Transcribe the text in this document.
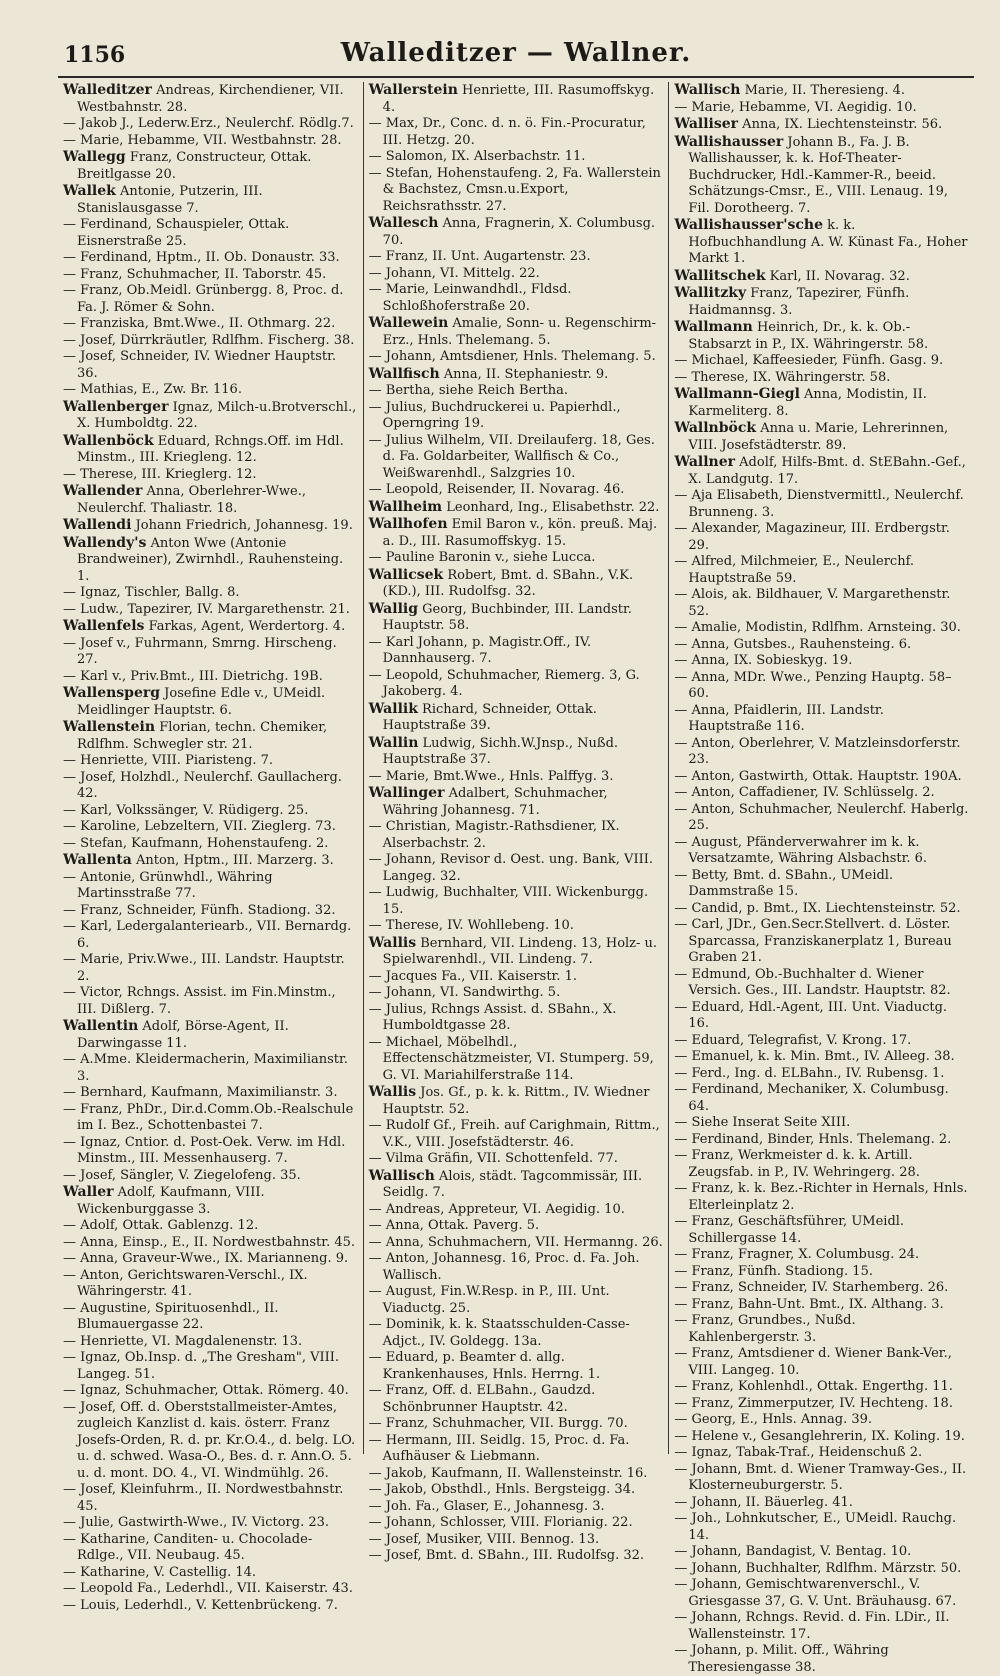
1156	Walleditzer — Wallner.
Walleditzer Andreas, Kirchendiener, VII. Westbahnstr. 28.
— Jakob J., Lederw.Erz., Neulerchf. Rödlg.7.
— Marie, Hebamme, VII. Westbahnstr. 28.
Wallegg Franz, Constructeur, Ottak. Breitlgasse 20.
Wallek Antonie, Putzerin, III. Stanislausgasse 7.
— Ferdinand, Schauspieler, Ottak. Eisnerstraße 25.
— Ferdinand, Hptm., II. Ob. Donaustr. 33.
— Franz, Schuhmacher, II. Taborstr. 45.
— Franz, Ob.Meidl. Grünbergg. 8, Proc. d. Fa. J. Römer & Sohn.
— Franziska, Bmt.Wwe., II. Othmarg. 22.
— Josef, Dürrkräutler, Rdlfhm. Fischerg. 38.
— Josef, Schneider, IV. Wiedner Hauptstr. 36.
— Mathias, E., Zw. Br. 116.
Wallenberger Ignaz, Milch-u.Brotverschl., X. Humboldtg. 22.
Wallenböck Eduard, Rchngs.Off. im Hdl. Minstm., III. Kriegleng. 12.
— Therese, III. Krieglerg. 12.
Wallender Anna, Oberlehrer-Wwe., Neulerchf. Thaliastr. 18.
Wallendi Johann Friedrich, Johannesg. 19.
Wallendy's Anton Wwe (Antonie Brandweiner), Zwirnhdl., Rauhensteing. 1.
— Ignaz, Tischler, Ballg. 8.
— Ludw., Tapezirer, IV. Margarethenstr. 21.
Wallenfels Farkas, Agent, Werdertorg. 4.
— Josef v., Fuhrmann, Smrng. Hirscheng. 27.
— Karl v., Priv.Bmt., III. Dietrichg. 19B.
Wallensperg Josefine Edle v., UMeidl. Meidlinger Hauptstr. 6.
Wallenstein Florian, techn. Chemiker, Rdlfhm. Schwegler str. 21.
— Henriette, VIII. Piaristeng. 7.
— Josef, Holzhdl., Neulerchf. Gaullacherg. 42.
— Karl, Volkssänger, V. Rüdigerg. 25.
— Karoline, Lebzeltern, VII. Zieglerg. 73.
— Stefan, Kaufmann, Hohenstaufeng. 2.
Wallenta Anton, Hptm., III. Marzerg. 3.
— Antonie, Grünwhdl., Währing Martinsstraße 77.
— Franz, Schneider, Fünfh. Stadiong. 32.
— Karl, Ledergalanteriearb., VII. Bernardg. 6.
— Marie, Priv.Wwe., III. Landstr. Hauptstr. 2.
— Victor, Rchngs. Assist. im Fin.Minstm., III. Dißlerg. 7.
Wallentin Adolf, Börse-Agent, II. Darwingasse 11.
— A.Mme. Kleidermacherin, Maximilianstr. 3.
— Bernhard, Kaufmann, Maximilianstr. 3.
— Franz, PhDr., Dir.d.Comm.Ob.-Realschule im I. Bez., Schottenbastei 7.
— Ignaz, Cntior. d. Post-Oek. Verw. im Hdl. Minstm., III. Messenhauserg. 7.
— Josef, Sängler, V. Ziegelofeng. 35.
Waller Adolf, Kaufmann, VIII. Wickenburggasse 3.
— Adolf, Ottak. Gablenzg. 12.
— Anna, Einsp., E., II. Nordwestbahnstr. 45.
— Anna, Graveur-Wwe., IX. Marianneng. 9.
— Anton, Gerichtswaren-Verschl., IX. Währingerstr. 41.
— Augustine, Spirituosenhdl., II. Blumauergasse 22.
— Henriette, VI. Magdalenenstr. 13.
— Ignaz, Ob.Insp. d. „The Gresham", VIII. Langeg. 51.
— Ignaz, Schuhmacher, Ottak. Römerg. 40.
— Josef, Off. d. Oberststallmeister-Amtes, zugleich Kanzlist d. kais. österr. Franz Josefs-Orden, R. d. pr. Kr.O.4., d. belg. LO. u. d. schwed. Wasa-O., Bes. d. r. Ann.O. 5. u. d. mont. DO. 4., VI. Windmühlg. 26.
— Josef, Kleinfuhrm., II. Nordwestbahnstr. 45.
— Julie, Gastwirth-Wwe., IV. Victorg. 23.
— Katharine, Canditen- u. Chocolade-Rdlge., VII. Neubaug. 45.
— Katharine, V. Castellig. 14.
— Leopold Fa., Lederhdl., VII. Kaiserstr. 43.
— Louis, Lederhdl., V. Kettenbrückeng. 7.
Wallerstein Henriette, III. Rasumoffskyg. 4.
— Max, Dr., Conc. d. n. ö. Fin.-Procuratur, III. Hetzg. 20.
— Salomon, IX. Alserbachstr. 11.
— Stefan, Hohenstaufeng. 2, Fa. Wallerstein & Bachstez, Cmsn.u.Export, Reichsrathsstr. 27.
Wallesch Anna, Fragnerin, X. Columbusg. 70.
— Franz, II. Unt. Augartenstr. 23.
— Johann, VI. Mittelg. 22.
— Marie, Leinwandhdl., Fldsd. Schloßhoferstraße 20.
Wallewein Amalie, Sonn- u. Regenschirm-Erz., Hnls. Thelemang. 5.
— Johann, Amtsdiener, Hnls. Thelemang. 5.
Wallfisch Anna, II. Stephaniestr. 9.
— Bertha, siehe Reich Bertha.
— Julius, Buchdruckerei u. Papierhdl., Operngring 19.
— Julius Wilhelm, VII. Dreilauferg. 18, Ges. d. Fa. Goldarbeiter, Wallfisch & Co., Weißwarenhdl., Salzgries 10.
— Leopold, Reisender, II. Novarag. 46.
Wallheim Leonhard, Ing., Elisabethstr. 22.
Wallhofen Emil Baron v., kön. preuß. Maj. a. D., III. Rasumoffskyg. 15.
— Pauline Baronin v., siehe Lucca.
Wallicsek Robert, Bmt. d. SBahn., V.K. (KD.), III. Rudolfsg. 32.
Wallig Georg, Buchbinder, III. Landstr. Hauptstr. 58.
— Karl Johann, p. Magistr.Off., IV. Dannhauserg. 7.
— Leopold, Schuhmacher, Riemerg. 3, G. Jakoberg. 4.
Wallik Richard, Schneider, Ottak. Hauptstraße 39.
Wallin Ludwig, Sichh.W.Jnsp., Nußd. Hauptstraße 37.
— Marie, Bmt.Wwe., Hnls. Palffyg. 3.
Wallinger Adalbert, Schuhmacher, Währing Johannesg. 71.
— Christian, Magistr.-Rathsdiener, IX. Alserbachstr. 2.
— Johann, Revisor d. Oest. ung. Bank, VIII. Langeg. 32.
— Ludwig, Buchhalter, VIII. Wickenburgg. 15.
— Therese, IV. Wohllebeng. 10.
Wallis Bernhard, VII. Lindeng. 13, Holz- u. Spielwarenhdl., VII. Lindeng. 7.
— Jacques Fa., VII. Kaiserstr. 1.
— Johann, VI. Sandwirthg. 5.
— Julius, Rchngs Assist. d. SBahn., X. Humboldtgasse 28.
— Michael, Möbelhdl., Effectenschätzmeister, VI. Stumperg. 59, G. VI. Mariahilferstraße 114.
Wallis Jos. Gf., p. k. k. Rittm., IV. Wiedner Hauptstr. 52.
— Rudolf Gf., Freih. auf Carighmain, Rittm., V.K., VIII. Josefstädterstr. 46.
— Vilma Gräfin, VII. Schottenfeld. 77.
Wallisch Alois, städt. Tagcommissär, III. Seidlg. 7.
— Andreas, Appreteur, VI. Aegidig. 10.
— Anna, Ottak. Paverg. 5.
— Anna, Schuhmachern, VII. Hermanng. 26.
— Anton, Johannesg. 16, Proc. d. Fa. Joh. Wallisch.
— August, Fin.W.Resp. in P., III. Unt. Viaductg. 25.
— Dominik, k. k. Staatsschulden-Casse-Adjct., IV. Goldegg. 13a.
— Eduard, p. Beamter d. allg. Krankenhauses, Hnls. Herrng. 1.
— Franz, Off. d. ELBahn., Gaudzd. Schönbrunner Hauptstr. 42.
— Franz, Schuhmacher, VII. Burgg. 70.
— Hermann, III. Seidlg. 15, Proc. d. Fa. Aufhäuser & Liebmann.
— Jakob, Kaufmann, II. Wallensteinstr. 16.
— Jakob, Obsthdl., Hnls. Bergsteigg. 34.
— Joh. Fa., Glaser, E., Johannesg. 3.
— Johann, Schlosser, VIII. Florianig. 22.
— Josef, Musiker, VIII. Bennog. 13.
— Josef, Bmt. d. SBahn., III. Rudolfsg. 32.
Wallisch Marie, II. Theresieng. 4.
— Marie, Hebamme, VI. Aegidig. 10.
Walliser Anna, IX. Liechtensteinstr. 56.
Wallishausser Johann B., Fa. J. B. Wallishausser, k. k. Hof-Theater-Buchdrucker, Hdl.-Kammer-R., beeid. Schätzungs-Cmsr., E., VIII. Lenaug. 19, Fil. Dorotheerg. 7.
Wallishausser'sche k. k. Hofbuchhandlung A. W. Künast Fa., Hoher Markt 1.
Wallitschek Karl, II. Novarag. 32.
Wallitzky Franz, Tapezirer, Fünfh. Haidmannsg. 3.
Wallmann Heinrich, Dr., k. k. Ob.-Stabsarzt in P., IX. Währingerstr. 58.
— Michael, Kaffeesieder, Fünfh. Gasg. 9.
— Therese, IX. Währingerstr. 58.
Wallmann-Giegl Anna, Modistin, II. Karmeliterg. 8.
Wallnböck Anna u. Marie, Lehrerinnen, VIII. Josefstädterstr. 89.
Wallner Adolf, Hilfs-Bmt. d. StEBahn.-Gef., X. Landgutg. 17.
— Aja Elisabeth, Dienstvermittl., Neulerchf. Brunneng. 3.
— Alexander, Magazineur, III. Erdbergstr. 29.
— Alfred, Milchmeier, E., Neulerchf. Hauptstraße 59.
— Alois, ak. Bildhauer, V. Margarethenstr. 52.
— Amalie, Modistin, Rdlfhm. Arnsteing. 30.
— Anna, Gutsbes., Rauhensteing. 6.
— Anna, IX. Sobieskyg. 19.
— Anna, MDr. Wwe., Penzing Hauptg. 58–60.
— Anna, Pfaidlerin, III. Landstr. Hauptstraße 116.
— Anton, Oberlehrer, V. Matzleinsdorferstr. 23.
— Anton, Gastwirth, Ottak. Hauptstr. 190A.
— Anton, Caffadiener, IV. Schlüsselg. 2.
— Anton, Schuhmacher, Neulerchf. Haberlg. 25.
— August, Pfänderverwahrer im k. k. Versatzamte, Währing Alsbachstr. 6.
— Betty, Bmt. d. SBahn., UMeidl. Dammstraße 15.
— Candid, p. Bmt., IX. Liechtensteinstr. 52.
— Carl, JDr., Gen.Secr.Stellvert. d. Löster. Sparcassa, Franziskanerplatz 1, Bureau Graben 21.
— Edmund, Ob.-Buchhalter d. Wiener Versich. Ges., III. Landstr. Hauptstr. 82.
— Eduard, Hdl.-Agent, III. Unt. Viaductg. 16.
— Eduard, Telegrafist, V. Krong. 17.
— Emanuel, k. k. Min. Bmt., IV. Alleeg. 38.
— Ferd., Ing. d. ELBahn., IV. Rubensg. 1.
— Ferdinand, Mechaniker, X. Columbusg. 64.
— Siehe Inserat Seite XIII.
— Ferdinand, Binder, Hnls. Thelemang. 2.
— Franz, Werkmeister d. k. k. Artill. Zeugsfab. in P., IV. Wehringerg. 28.
— Franz, k. k. Bez.-Richter in Hernals, Hnls. Elterleinplatz 2.
— Franz, Geschäftsführer, UMeidl. Schillergasse 14.
— Franz, Fragner, X. Columbusg. 24.
— Franz, Fünfh. Stadiong. 15.
— Franz, Schneider, IV. Starhemberg. 26.
— Franz, Bahn-Unt. Bmt., IX. Althang. 3.
— Franz, Grundbes., Nußd. Kahlenbergerstr. 3.
— Franz, Amtsdiener d. Wiener Bank-Ver., VIII. Langeg. 10.
— Franz, Kohlenhdl., Ottak. Engerthg. 11.
— Franz, Zimmerputzer, IV. Hechteng. 18.
— Georg, E., Hnls. Annag. 39.
— Helene v., Gesanglehrerin, IX. Koling. 19.
— Ignaz, Tabak-Traf., Heidenschuß 2.
— Johann, Bmt. d. Wiener Tramway-Ges., II. Klosterneuburgerstr. 5.
— Johann, II. Bäuerleg. 41.
— Joh., Lohnkutscher, E., UMeidl. Rauchg. 14.
— Johann, Bandagist, V. Bentag. 10.
— Johann, Buchhalter, Rdlfhm. Märzstr. 50.
— Johann, Gemischtwarenverschl., V. Griesgasse 37, G. V. Unt. Bräuhausg. 67.
— Johann, Rchngs. Revid. d. Fin. LDir., II. Wallensteinstr. 17.
— Johann, p. Milit. Off., Währing Theresiengasse 38.
